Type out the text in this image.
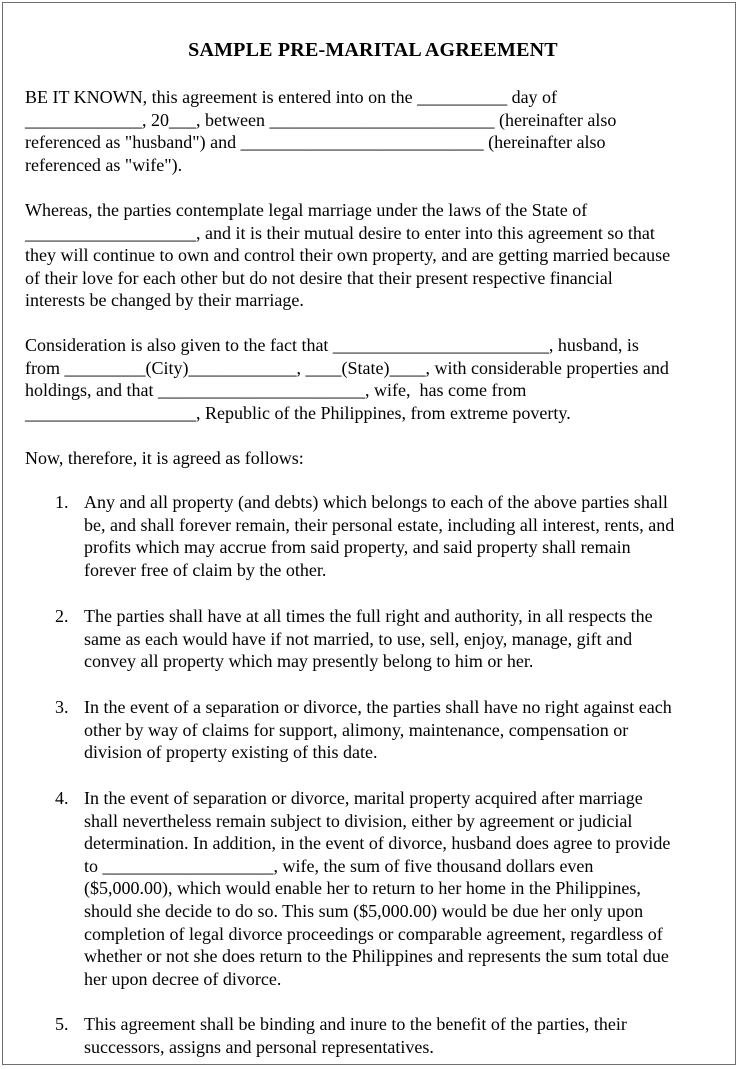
SAMPLE PRE-MARITAL AGREEMENT
BE IT KNOWN, this agreement is entered into on the __________ day of
_____________, 20___, between _________________________ (hereinafter also
referenced as "husband") and ___________________________ (hereinafter also
referenced as "wife").
Whereas, the parties contemplate legal marriage under the laws of the State of
___________________, and it is their mutual desire to enter into this agreement so that
they will continue to own and control their own property, and are getting married because
of their love for each other but do not desire that their present respective financial
interests be changed by their marriage.
Consideration is also given to the fact that ________________________, husband, is
from _________(City)____________, ____(State)____, with considerable properties and
holdings, and that _______________________, wife,  has come from
___________________, Republic of the Philippines, from extreme poverty.
Now, therefore, it is agreed as follows:
1. Any and all property (and debts) which belongs to each of the above parties shall
be, and shall forever remain, their personal estate, including all interest, rents, and
profits which may accrue from said property, and said property shall remain
forever free of claim by the other.
2. The parties shall have at all times the full right and authority, in all respects the
same as each would have if not married, to use, sell, enjoy, manage, gift and
convey all property which may presently belong to him or her.
3. In the event of a separation or divorce, the parties shall have no right against each
other by way of claims for support, alimony, maintenance, compensation or
division of property existing of this date.
4. In the event of separation or divorce, marital property acquired after marriage
shall nevertheless remain subject to division, either by agreement or judicial
determination. In addition, in the event of divorce, husband does agree to provide
to ___________________, wife, the sum of five thousand dollars even
($5,000.00), which would enable her to return to her home in the Philippines,
should she decide to do so. This sum ($5,000.00) would be due her only upon
completion of legal divorce proceedings or comparable agreement, regardless of
whether or not she does return to the Philippines and represents the sum total due
her upon decree of divorce.
5. This agreement shall be binding and inure to the benefit of the parties, their
successors, assigns and personal representatives.
